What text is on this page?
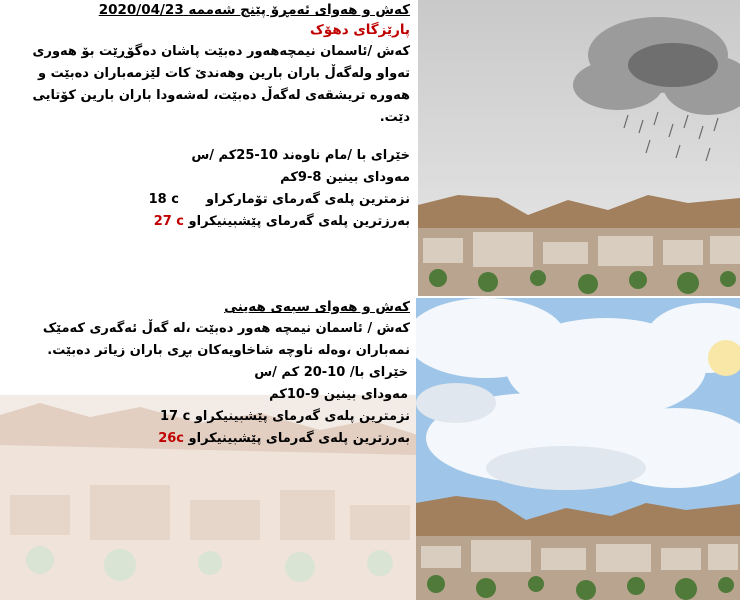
كەش و هەوای ئەمڕۆ پێنج شەممە 2020/04/23
پارێزگای دهۆک
کەش /ئاسمان نیمچەهەور دەبێت پاشان دەگۆڕێت بۆ هەوری
تەواو ولەگەڵ باران بارین وهەندێ کات لێزمەباران دەبێت و
هەورە تریشقەی لەگەڵ دەبێت، لەشەودا باران بارین کۆتایی
دێت.
خێرای با /مام ناوەند 10-25کم /س
مەودای بینین 8-9کم
نزمترین پلەی گەرمای تۆمارکراو  18 c
بەرزترین پلەی گەرمای پێشبینیکراو 27 c
کەش و هەوای سبەی هەینی
کەش / ئاسمان نیمچە هەور دەبێت ،لە گەڵ ئەگەری کەمێک
نمەباران ،وەلە ناوچە شاخاویەکان بڕی باران زیاتر دەبێت.
خێرای با/ 10-20 کم /س
مەودای بینین 9-10کم
نزمترین پلەی گەرمای پێشبینیکراو 17 c
بەرزترین پلەی گەرمای پێشبینیکراو 26c
